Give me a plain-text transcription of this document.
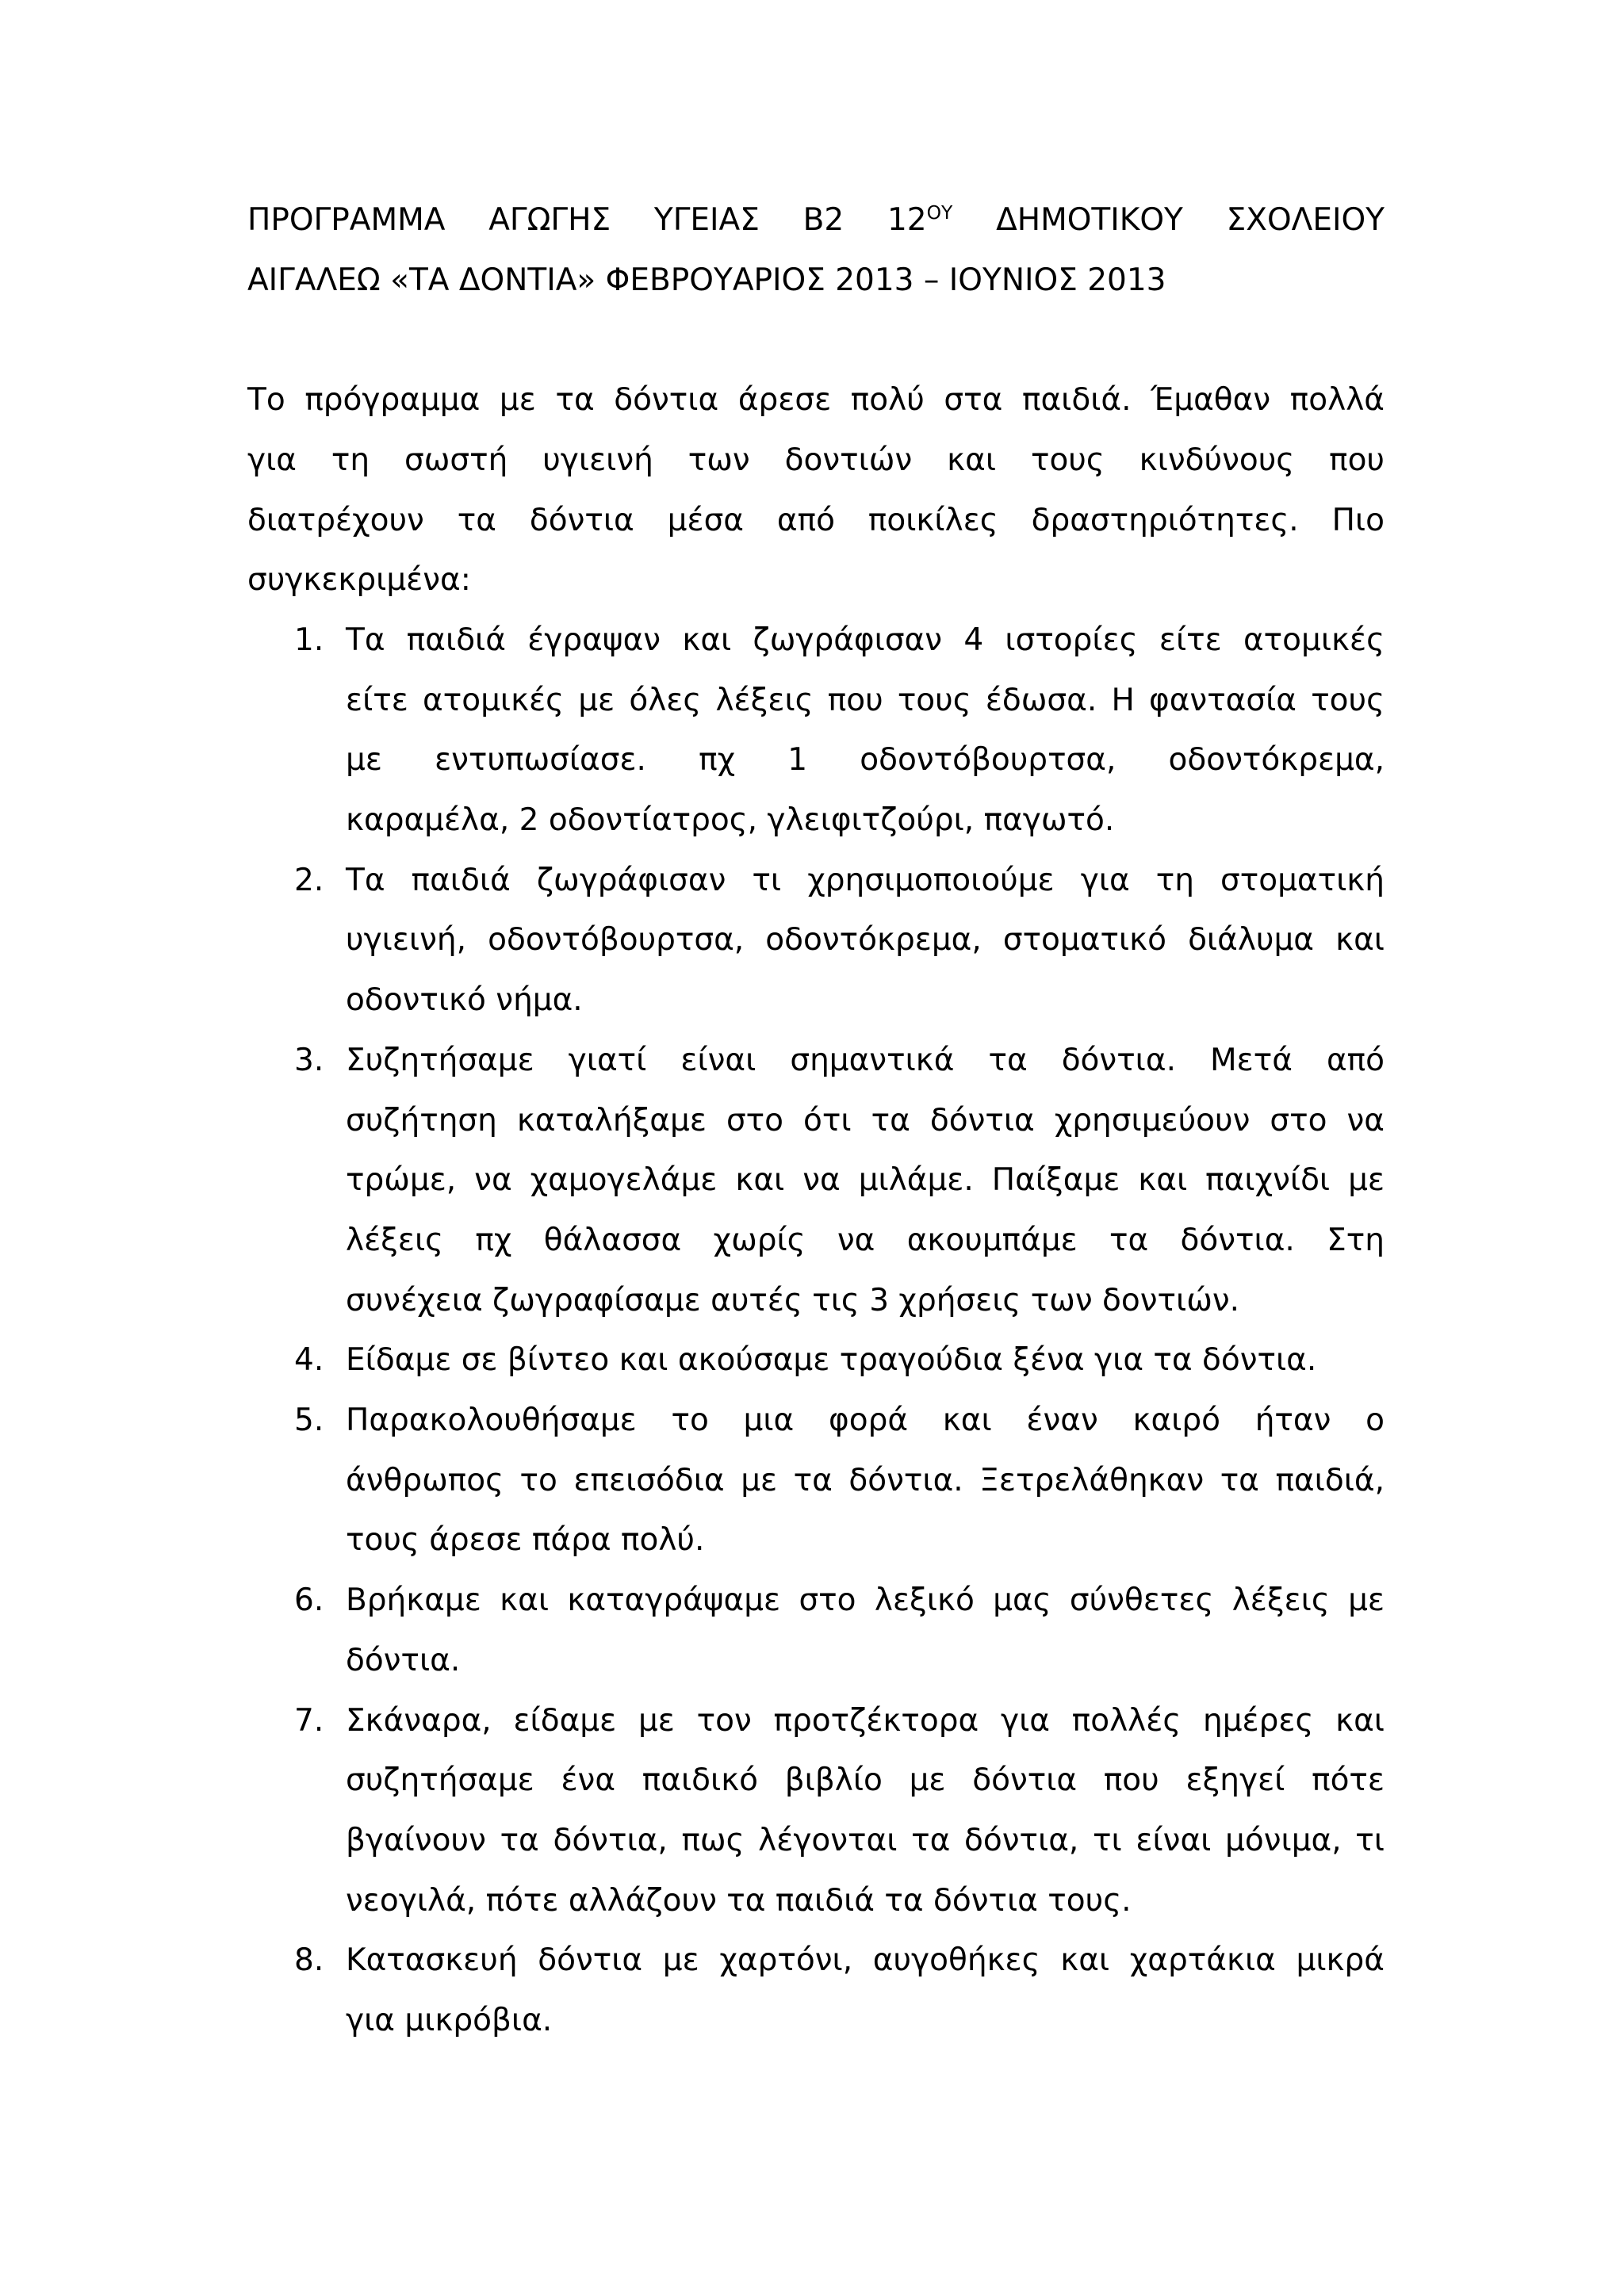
ΠΡΟΓΡΑΜΜΑ ΑΓΩΓΗΣ ΥΓΕΙΑΣ Β2 $12^{O\Upsilon}$ ΔΗΜΟΤΙΚΟΥ ΣΧΟΛΕΙΟΥ
ΑΙΓΑΛΕΩ «ΤΑ ΔΟΝΤΙΑ» ΦΕΒΡΟΥΑΡΙΟΣ 2013 – ΙΟΥΝΙΟΣ 2013
Το πρόγραμμα με τα δόντια άρεσε πολύ στα παιδιά. Έμαθαν πολλά
για τη σωστή υγιεινή των δοντιών και τους κινδύνους που
διατρέχουν τα δόντια μέσα από ποικίλες δραστηριότητες. Πιο
συγκεκριμένα:
1. Τα παιδιά έγραψαν και ζωγράφισαν 4 ιστορίες είτε ατομικές
είτε ατομικές με όλες λέξεις που τους έδωσα. Η φαντασία τους
με εντυπωσίασε. πχ 1 οδοντόβουρτσα, οδοντόκρεμα,
καραμέλα, 2 οδοντίατρος, γλειφιτζούρι, παγωτό.
2. Τα παιδιά ζωγράφισαν τι χρησιμοποιούμε για τη στοματική
υγιεινή, οδοντόβουρτσα, οδοντόκρεμα, στοματικό διάλυμα και
οδοντικό νήμα.
3. Συζητήσαμε γιατί είναι σημαντικά τα δόντια. Μετά από
συζήτηση καταλήξαμε στο ότι τα δόντια χρησιμεύουν στο να
τρώμε, να χαμογελάμε και να μιλάμε. Παίξαμε και παιχνίδι με
λέξεις πχ θάλασσα χωρίς να ακουμπάμε τα δόντια. Στη
συνέχεια ζωγραφίσαμε αυτές τις 3 χρήσεις των δοντιών.
4. Είδαμε σε βίντεο και ακούσαμε τραγούδια ξένα για τα δόντια.
5. Παρακολουθήσαμε το μια φορά και έναν καιρό ήταν ο
άνθρωπος το επεισόδια με τα δόντια. Ξετρελάθηκαν τα παιδιά,
τους άρεσε πάρα πολύ.
6. Βρήκαμε και καταγράψαμε στο λεξικό μας σύνθετες λέξεις με
δόντια.
7. Σκάναρα, είδαμε με τον προτζέκτορα για πολλές ημέρες και
συζητήσαμε ένα παιδικό βιβλίο με δόντια που εξηγεί πότε
βγαίνουν τα δόντια, πως λέγονται τα δόντια, τι είναι μόνιμα, τι
νεογιλά, πότε αλλάζουν τα παιδιά τα δόντια τους.
8. Κατασκευή δόντια με χαρτόνι, αυγοθήκες και χαρτάκια μικρά
για μικρόβια.
